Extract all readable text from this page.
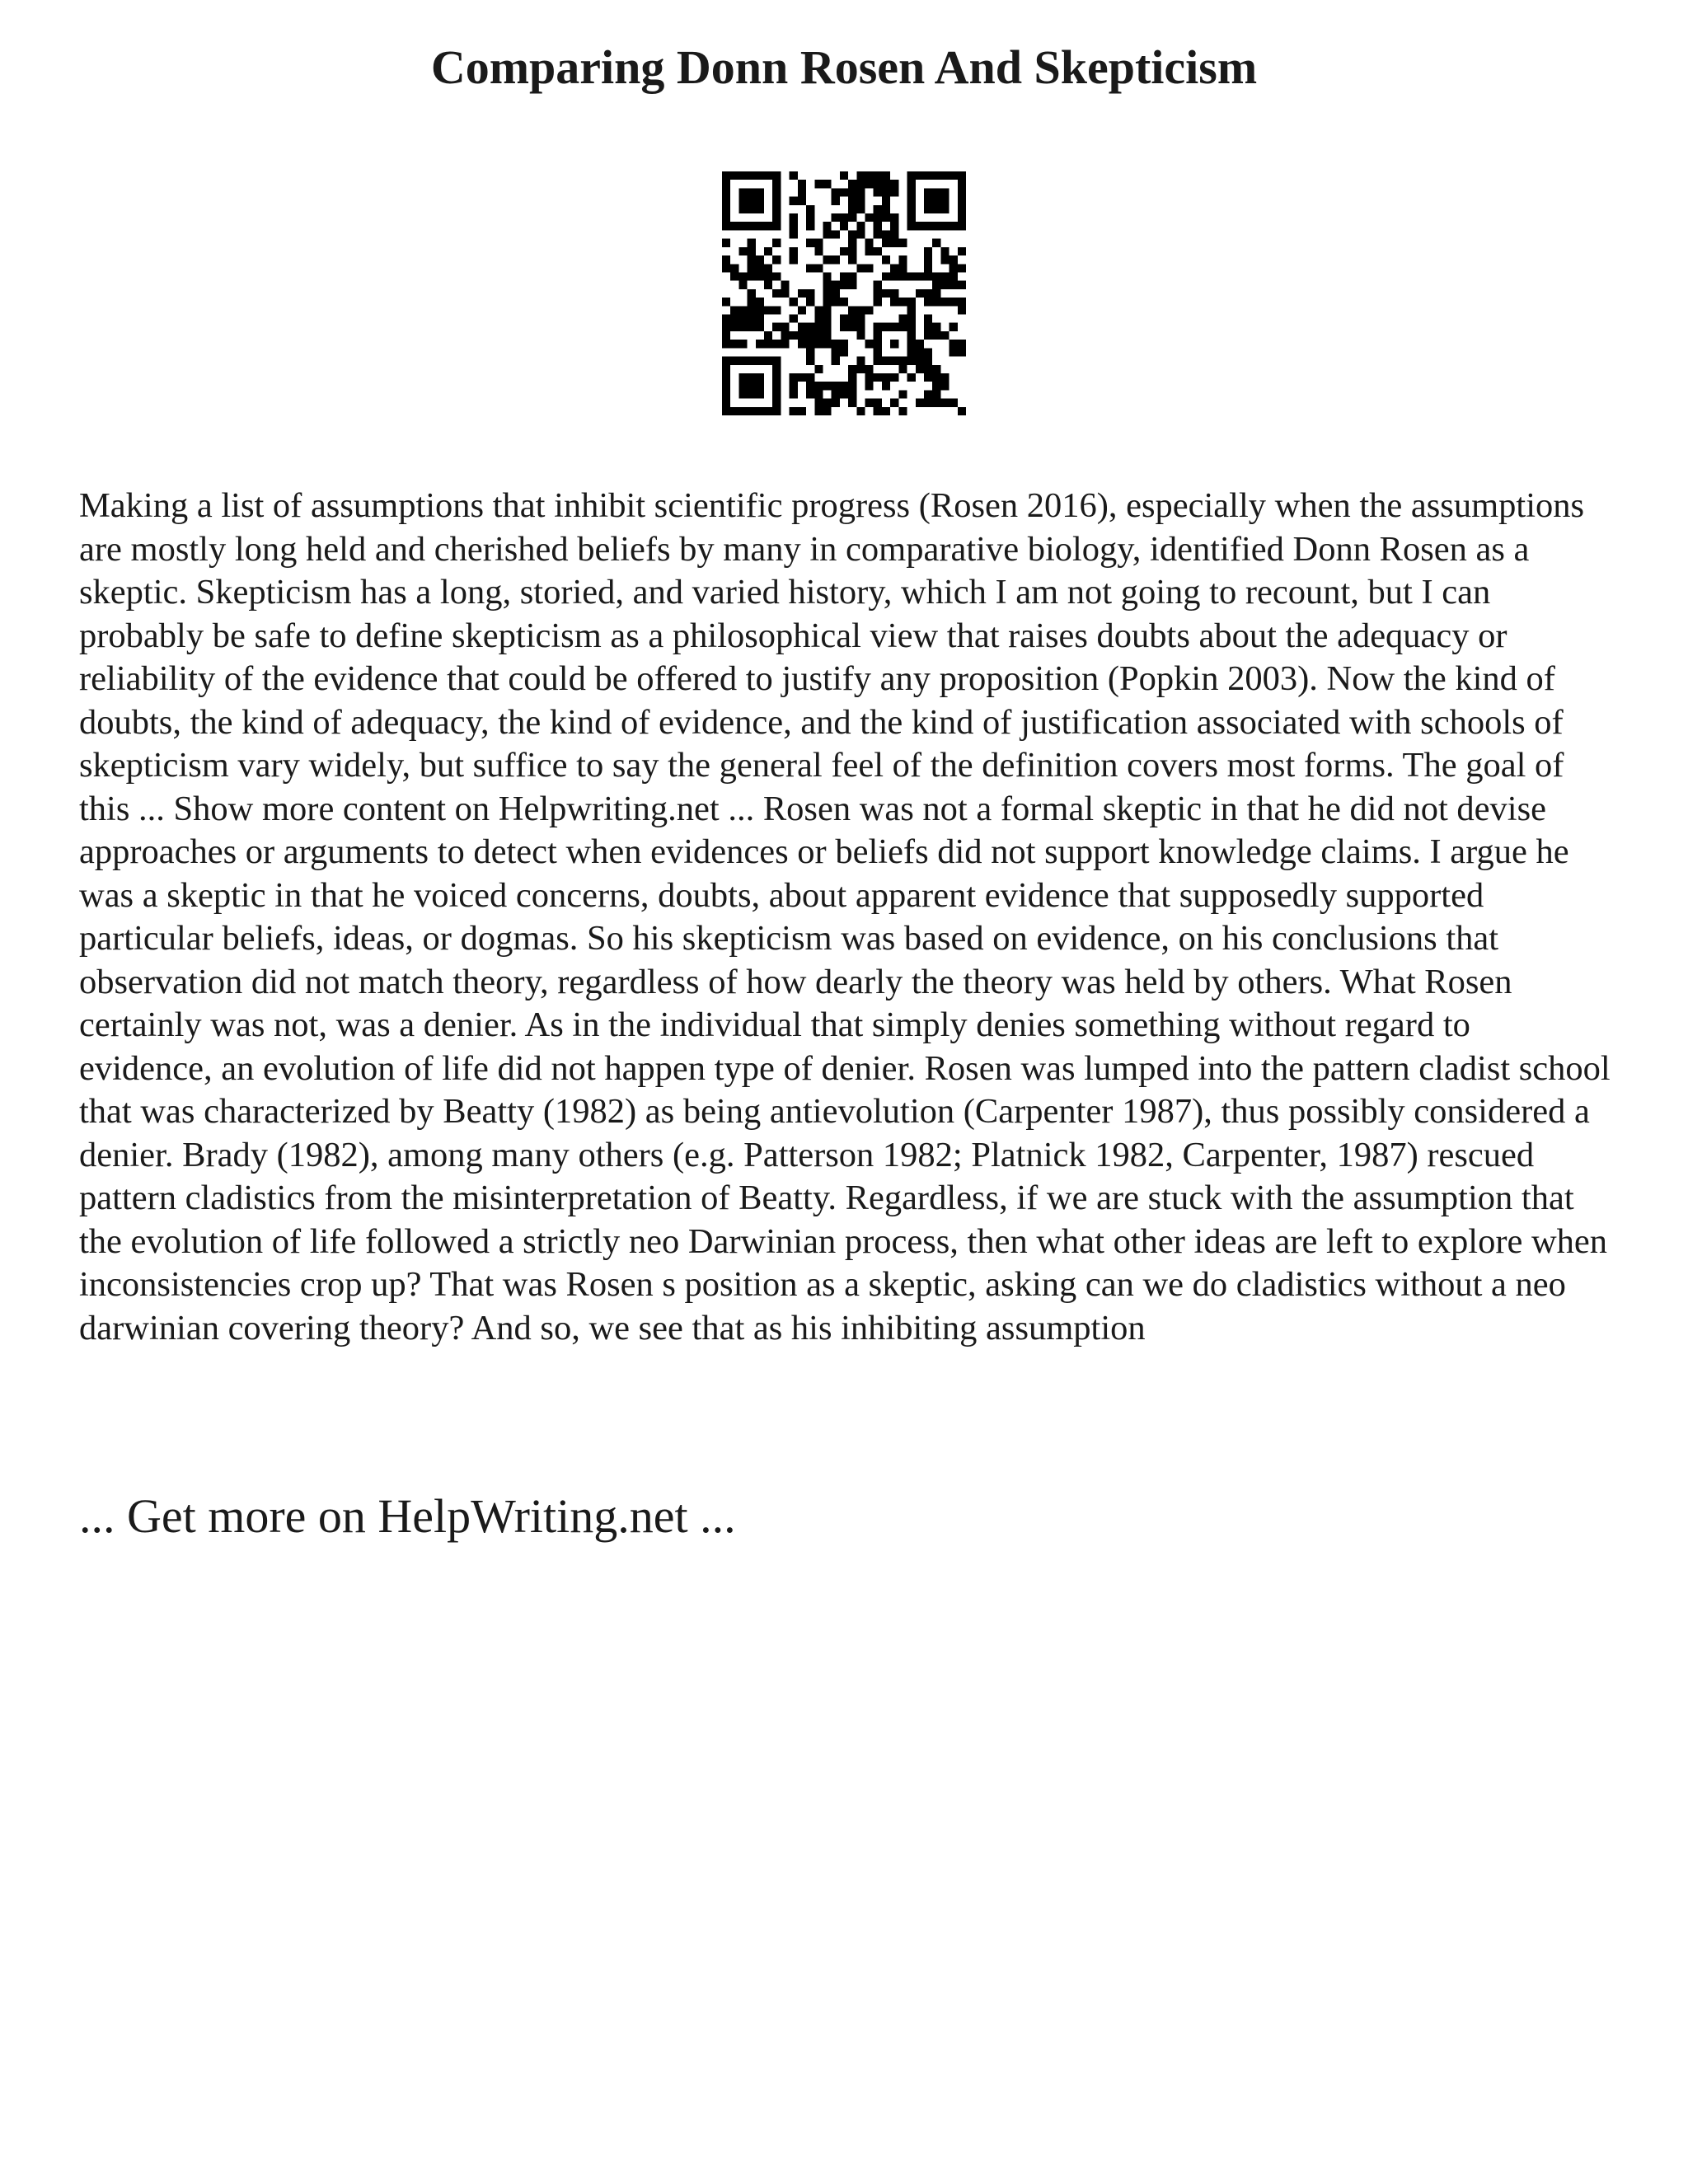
Comparing Donn Rosen And Skepticism

Making a list of assumptions that inhibit scientific progress (Rosen 2016), especially when the assumptions are mostly long held and cherished beliefs by many in comparative biology, identified Donn Rosen as a skeptic. Skepticism has a long, storied, and varied history, which I am not going to recount, but I can probably be safe to define skepticism as a philosophical view that raises doubts about the adequacy or reliability of the evidence that could be offered to justify any proposition (Popkin 2003). Now the kind of doubts, the kind of adequacy, the kind of evidence, and the kind of justification associated with schools of skepticism vary widely, but suffice to say the general feel of the definition covers most forms. The goal of this ... Show more content on Helpwriting.net ... Rosen was not a formal skeptic in that he did not devise approaches or arguments to detect when evidences or beliefs did not support knowledge claims. I argue he was a skeptic in that he voiced concerns, doubts, about apparent evidence that supposedly supported particular beliefs, ideas, or dogmas. So his skepticism was based on evidence, on his conclusions that observation did not match theory, regardless of how dearly the theory was held by others. What Rosen certainly was not, was a denier. As in the individual that simply denies something without regard to evidence, an evolution of life did not happen type of denier. Rosen was lumped into the pattern cladist school that was characterized by Beatty (1982) as being antievolution (Carpenter 1987), thus possibly considered a denier. Brady (1982), among many others (e.g. Patterson 1982; Platnick 1982, Carpenter, 1987) rescued pattern cladistics from the misinterpretation of Beatty. Regardless, if we are stuck with the assumption that the evolution of life followed a strictly neo Darwinian process, then what other ideas are left to explore when inconsistencies crop up? That was Rosen s position as a skeptic, asking can we do cladistics without a neo darwinian covering theory? And so, we see that as his inhibiting assumption

... Get more on HelpWriting.net ...
